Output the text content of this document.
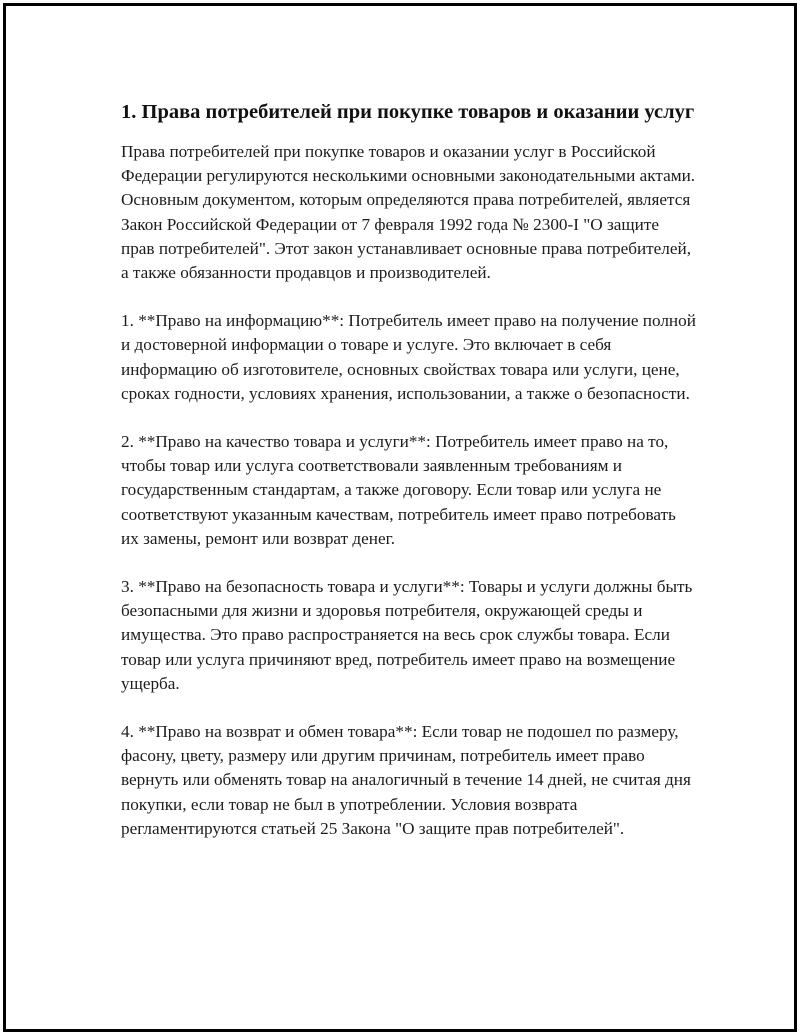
1. Права потребителей при покупке товаров и оказании услуг

Права потребителей при покупке товаров и оказании услуг в Российской Федерации регулируются несколькими основными законодательными актами. Основным документом, которым определяются права потребителей, является Закон Российской Федерации от 7 февраля 1992 года № 2300-I "О защите прав потребителей". Этот закон устанавливает основные права потребителей, а также обязанности продавцов и производителей.

1. **Право на информацию**: Потребитель имеет право на получение полной и достоверной информации о товаре и услуге. Это включает в себя информацию об изготовителе, основных свойствах товара или услуги, цене, сроках годности, условиях хранения, использовании, а также о безопасности.

2. **Право на качество товара и услуги**: Потребитель имеет право на то, чтобы товар или услуга соответствовали заявленным требованиям и государственным стандартам, а также договору. Если товар или услуга не соответствуют указанным качествам, потребитель имеет право потребовать их замены, ремонт или возврат денег.

3. **Право на безопасность товара и услуги**: Товары и услуги должны быть безопасными для жизни и здоровья потребителя, окружающей среды и имущества. Это право распространяется на весь срок службы товара. Если товар или услуга причиняют вред, потребитель имеет право на возмещение ущерба.

4. **Право на возврат и обмен товара**: Если товар не подошел по размеру, фасону, цвету, размеру или другим причинам, потребитель имеет право вернуть или обменять товар на аналогичный в течение 14 дней, не считая дня покупки, если товар не был в употреблении. Условия возврата регламентируются статьей 25 Закона "О защите прав потребителей".
